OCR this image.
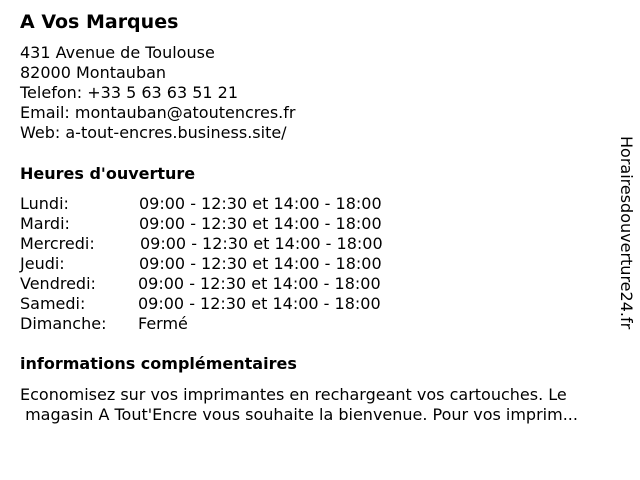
A Vos Marques
431 Avenue de Toulouse
82000 Montauban
Telefon: +33 5 63 63 51 21
Email: montauban@atoutencres.fr
Web: a-tout-encres.business.site/
Heures d'ouverture
Lundi:	09:00 - 12:30 et 14:00 - 18:00
Mardi:	09:00 - 12:30 et 14:00 - 18:00
Mercredi:	09:00 - 12:30 et 14:00 - 18:00
Jeudi:	09:00 - 12:30 et 14:00 - 18:00
Vendredi:	09:00 - 12:30 et 14:00 - 18:00
Samedi:	09:00 - 12:30 et 14:00 - 18:00
Dimanche: Fermé
informations complémentaires
Economisez sur vos imprimantes en rechargeant vos cartouches. Le
magasin A Tout'Encre vous souhaite la bienvenue. Pour vos imprim...
Horairesdouverture24.fr
